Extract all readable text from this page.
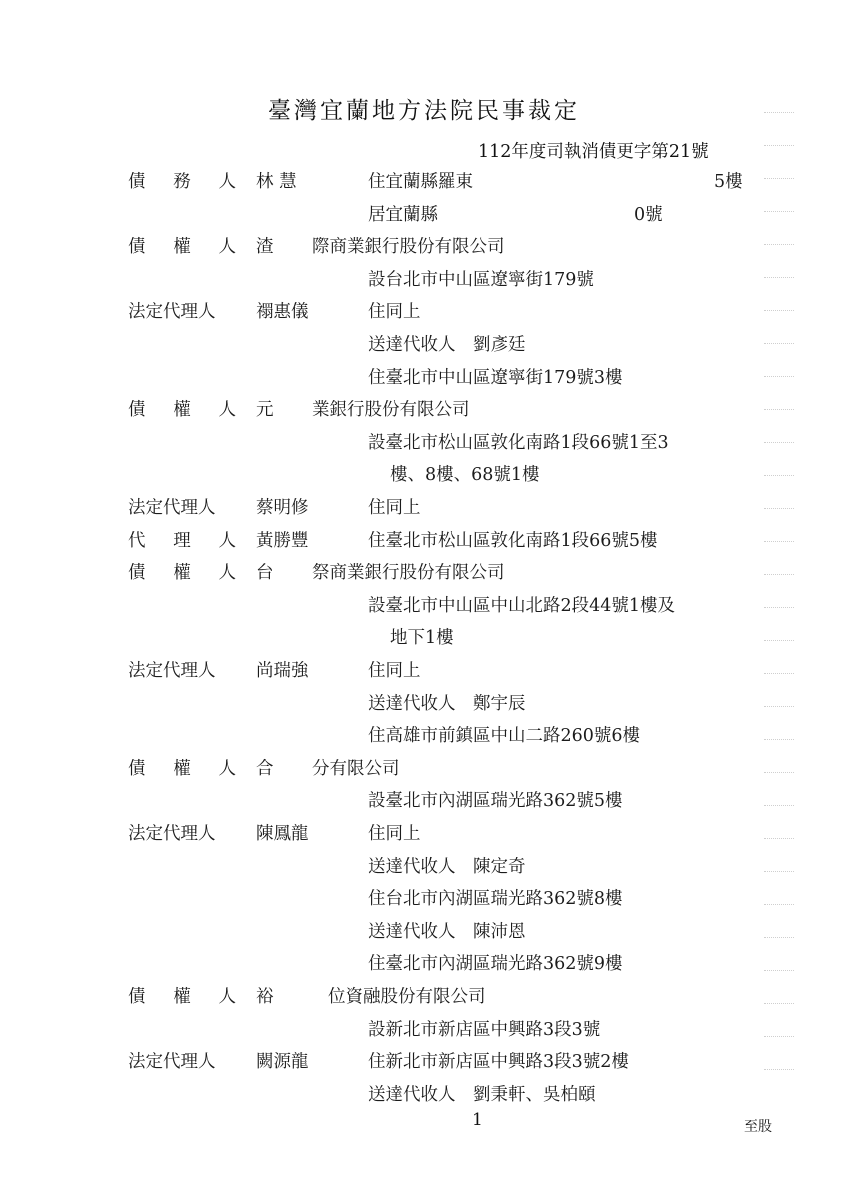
臺灣宜蘭地方法院民事裁定
112年度司執消債更字第21號
債 務 人 林 慧	住宜蘭縣羅東	5樓
居宜蘭縣	0號
債 權 人 渣 際商業銀行股份有限公司
設台北市中山區遼寧街179號
法定代理人 禤惠儀	住同上
送達代收人　劉彥廷
住臺北市中山區遼寧街179號3樓
債 權 人 元 業銀行股份有限公司
設臺北市松山區敦化南路1段66號1至3
樓、8樓、68號1樓
法定代理人 蔡明修	住同上
代 理 人 黃勝豐	住臺北市松山區敦化南路1段66號5樓
債 權 人 台 祭商業銀行股份有限公司
設臺北市中山區中山北路2段44號1樓及
地下1樓
法定代理人 尚瑞強	住同上
送達代收人　鄭宇辰
住高雄市前鎮區中山二路260號6樓
債 權 人 合 分有限公司
設臺北市內湖區瑞光路362號5樓
法定代理人 陳鳳龍	住同上
送達代收人　陳定奇
住台北市內湖區瑞光路362號8樓
送達代收人　陳沛恩
住臺北市內湖區瑞光路362號9樓
債 權 人 裕	位資融股份有限公司
設新北市新店區中興路3段3號
法定代理人 闕源龍	住新北市新店區中興路3段3號2樓
送達代收人　劉秉軒、吳柏頤
1	至股
